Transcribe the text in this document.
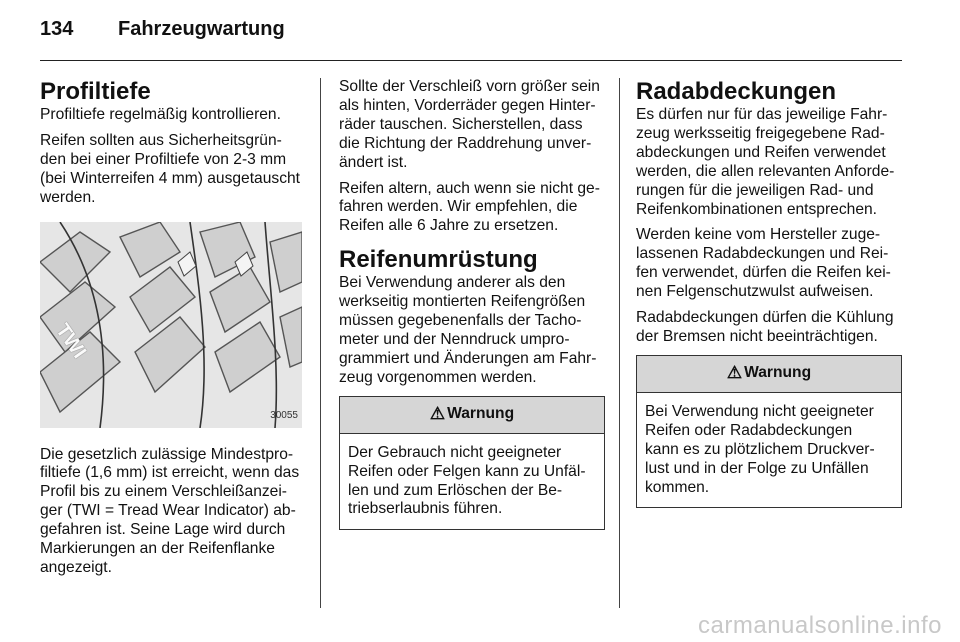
134 Fahrzeugwartung
Profiltiefe

Profiltiefe regelmäßig kontrollieren.

Reifen sollten aus Sicherheitsgrün-
den bei einer Profiltiefe von 2-3 mm
(bei Winterreifen 4 mm) ausgetauscht
werden.

TWI
30055

Die gesetzlich zulässige Mindestpro-
filtiefe (1,6 mm) ist erreicht, wenn das
Profil bis zu einem Verschleißanzei-
ger (TWI = Tread Wear Indicator) ab-
gefahren ist. Seine Lage wird durch
Markierungen an der Reifenflanke
angezeigt.

Sollte der Verschleiß vorn größer sein
als hinten, Vorderräder gegen Hinter-
räder tauschen. Sicherstellen, dass
die Richtung der Raddrehung unver-
ändert ist.

Reifen altern, auch wenn sie nicht ge-
fahren werden. Wir empfehlen, die
Reifen alle 6 Jahre zu ersetzen.

Reifenumrüstung

Bei Verwendung anderer als den
werkseitig montierten Reifengrößen
müssen gegebenenfalls der Tacho-
meter und der Nenndruck umpro-
grammiert und Änderungen am Fahr-
zeug vorgenommen werden.

⚠ Warnung
Der Gebrauch nicht geeigneter
Reifen oder Felgen kann zu Unfäl-
len und zum Erlöschen der Be-
triebserlaubnis führen.
Radabdeckungen

Es dürfen nur für das jeweilige Fahr-
zeug werksseitig freigegebene Rad-
abdeckungen und Reifen verwendet
werden, die allen relevanten Anforde-
rungen für die jeweiligen Rad- und
Reifenkombinationen entsprechen.

Werden keine vom Hersteller zuge-
lassenen Radabdeckungen und Rei-
fen verwendet, dürfen die Reifen kei-
nen Felgenschutzwulst aufweisen.

Radabdeckungen dürfen die Kühlung
der Bremsen nicht beeinträchtigen.

⚠ Warnung
Bei Verwendung nicht geeigneter
Reifen oder Radabdeckungen
kann es zu plötzlichem Druckver-
lust und in der Folge zu Unfällen
kommen.
carmanualsonline.info
